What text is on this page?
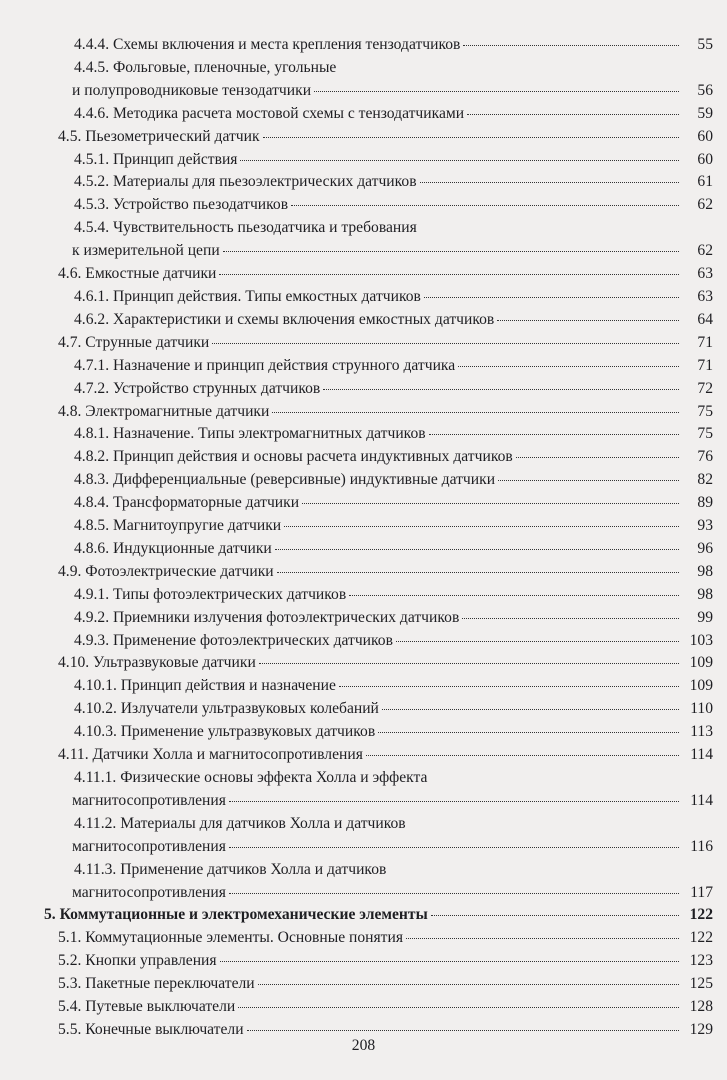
4.4.4. Схемы включения и места крепления тензодатчиков	55
4.4.5. Фольговые, пленочные, угольные
и полупроводниковые тензодатчики	56
4.4.6. Методика расчета мостовой схемы с тензодатчиками	59
4.5. Пьезометрический датчик	60
4.5.1. Принцип действия	60
4.5.2. Материалы для пьезоэлектрических датчиков	61
4.5.3. Устройство пьезодатчиков	62
4.5.4. Чувствительность пьезодатчика и требования
к измерительной цепи	62
4.6. Емкостные датчики	63
4.6.1. Принцип действия. Типы емкостных датчиков	63
4.6.2. Характеристики и схемы включения емкостных датчиков	64
4.7. Струнные датчики	71
4.7.1. Назначение и принцип действия струнного датчика	71
4.7.2. Устройство струнных датчиков	72
4.8. Электромагнитные датчики	75
4.8.1. Назначение. Типы электромагнитных датчиков	75
4.8.2. Принцип действия и основы расчета индуктивных датчиков	76
4.8.3. Дифференциальные (реверсивные) индуктивные датчики	82
4.8.4. Трансформаторные датчики	89
4.8.5. Магнитоупругие датчики	93
4.8.6. Индукционные датчики	96
4.9. Фотоэлектрические датчики	98
4.9.1. Типы фотоэлектрических датчиков	98
4.9.2. Приемники излучения фотоэлектрических датчиков	99
4.9.3. Применение фотоэлектрических датчиков	103
4.10. Ультразвуковые датчики	109
4.10.1. Принцип действия и назначение	109
4.10.2. Излучатели ультразвуковых колебаний	110
4.10.3. Применение ультразвуковых датчиков	113
4.11. Датчики Холла и магнитосопротивления	114
4.11.1. Физические основы эффекта Холла и эффекта
магнитосопротивления	114
4.11.2. Материалы для датчиков Холла и датчиков
магнитосопротивления	116
4.11.3. Применение датчиков Холла и датчиков
магнитосопротивления	117
5. Коммутационные и электромеханические элементы	122
5.1. Коммутационные элементы. Основные понятия	122
5.2. Кнопки управления	123
5.3. Пакетные переключатели	125
5.4. Путевые выключатели	128
5.5. Конечные выключатели	129
208
